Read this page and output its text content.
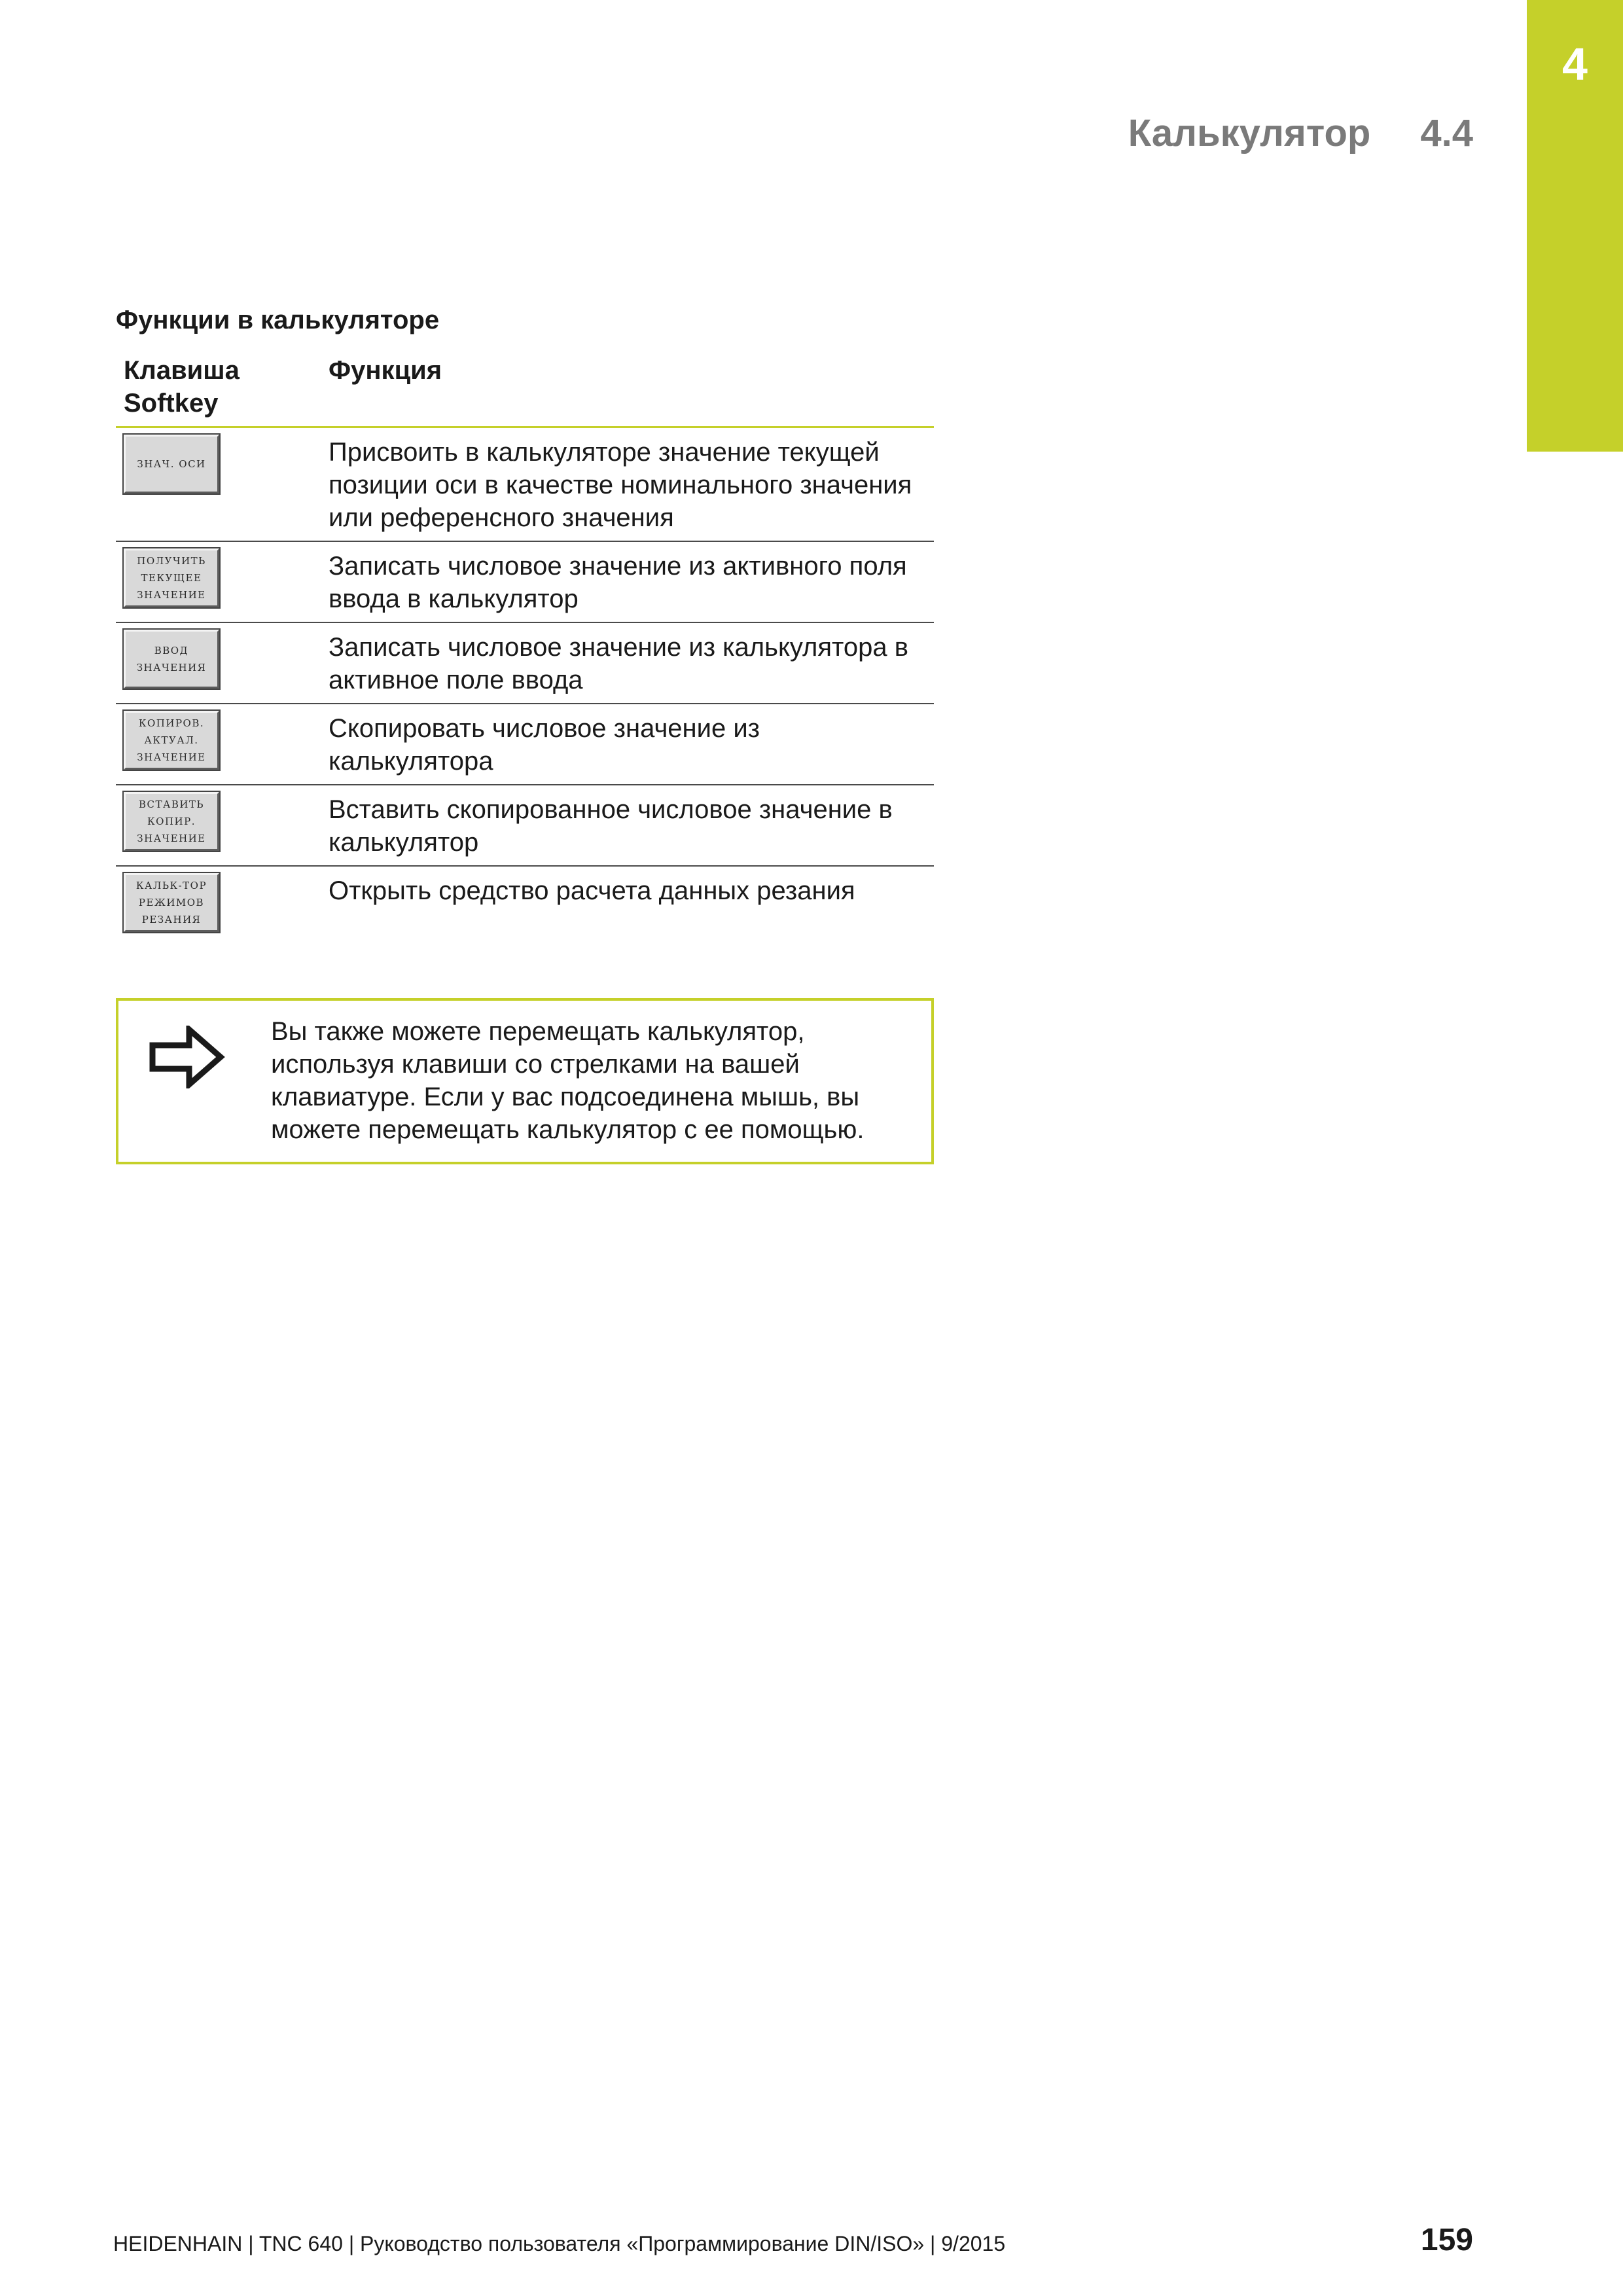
4
Калькулятор 4.4
Функции в калькуляторе
Клавиша
Softkey	Функция

ЗНАЧ. ОСИ	Присвоить в калькуляторе значение текущей позиции оси в качестве номинального значения или референсного значения

ПОЛУЧИТЬ
ТЕКУЩЕЕ
ЗНАЧЕНИЕ	Записать числовое значение из активного поля ввода в калькулятор

ВВОД
ЗНАЧЕНИЯ	Записать числовое значение из калькулятора в активное поле ввода

КОПИРОВ.
АКТУАЛ.
ЗНАЧЕНИЕ	Скопировать числовое значение из калькулятора

ВСТАВИТЬ
КОПИР.
ЗНАЧЕНИЕ	Вставить скопированное числовое значение в калькулятор

КАЛЬК-ТОР
РЕЖИМОВ
РЕЗАНИЯ	Открыть средство расчета данных резания
Вы также можете перемещать калькулятор, используя клавиши со стрелками на вашей клавиатуре. Если у вас подсоединена мышь, вы можете перемещать калькулятор с ее помощью.
HEIDENHAIN | TNC 640 | Руководство пользователя «Программирование DIN/ISO» | 9/2015	159
